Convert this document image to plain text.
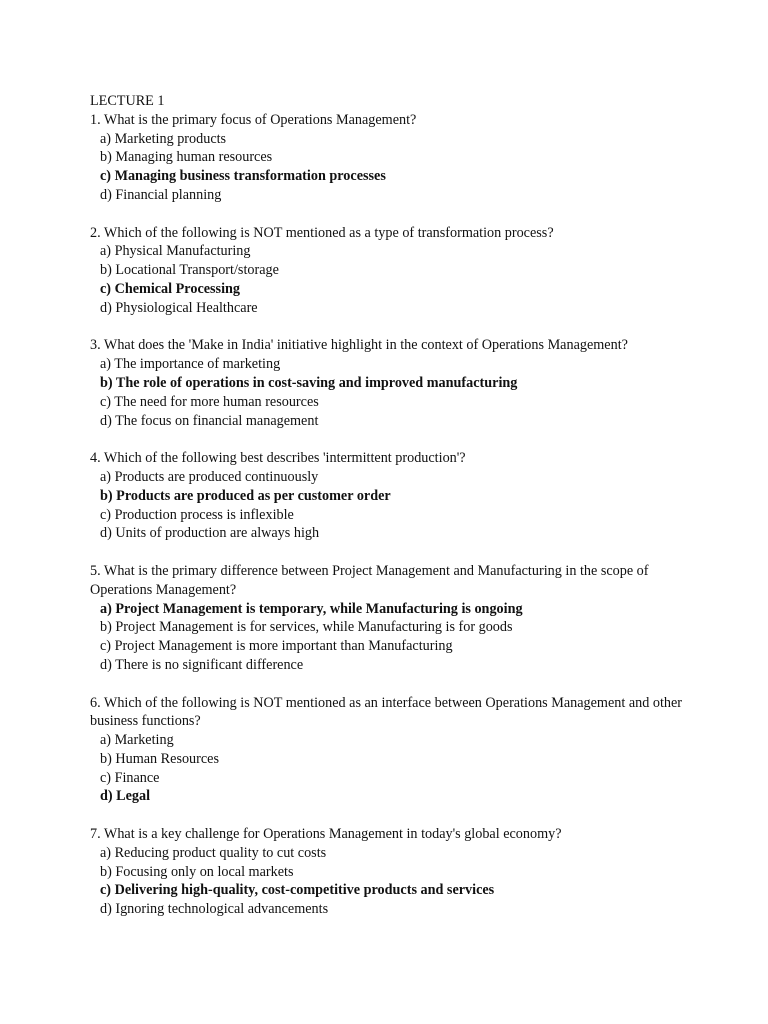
LECTURE 1
1. What is the primary focus of Operations Management?
a) Marketing products
b) Managing human resources
c) Managing business transformation processes
d) Financial planning
2. Which of the following is NOT mentioned as a type of transformation process?
a) Physical Manufacturing
b) Locational Transport/storage
c) Chemical Processing
d) Physiological Healthcare
3. What does the 'Make in India' initiative highlight in the context of Operations Management?
a) The importance of marketing
b) The role of operations in cost-saving and improved manufacturing
c) The need for more human resources
d) The focus on financial management
4. Which of the following best describes 'intermittent production'?
a) Products are produced continuously
b) Products are produced as per customer order
c) Production process is inflexible
d) Units of production are always high
5. What is the primary difference between Project Management and Manufacturing in the scope of
Operations Management?
a) Project Management is temporary, while Manufacturing is ongoing
b) Project Management is for services, while Manufacturing is for goods
c) Project Management is more important than Manufacturing
d) There is no significant difference
6. Which of the following is NOT mentioned as an interface between Operations Management and other
business functions?
a) Marketing
b) Human Resources
c) Finance
d) Legal
7. What is a key challenge for Operations Management in today's global economy?
a) Reducing product quality to cut costs
b) Focusing only on local markets
c) Delivering high-quality, cost-competitive products and services
d) Ignoring technological advancements
